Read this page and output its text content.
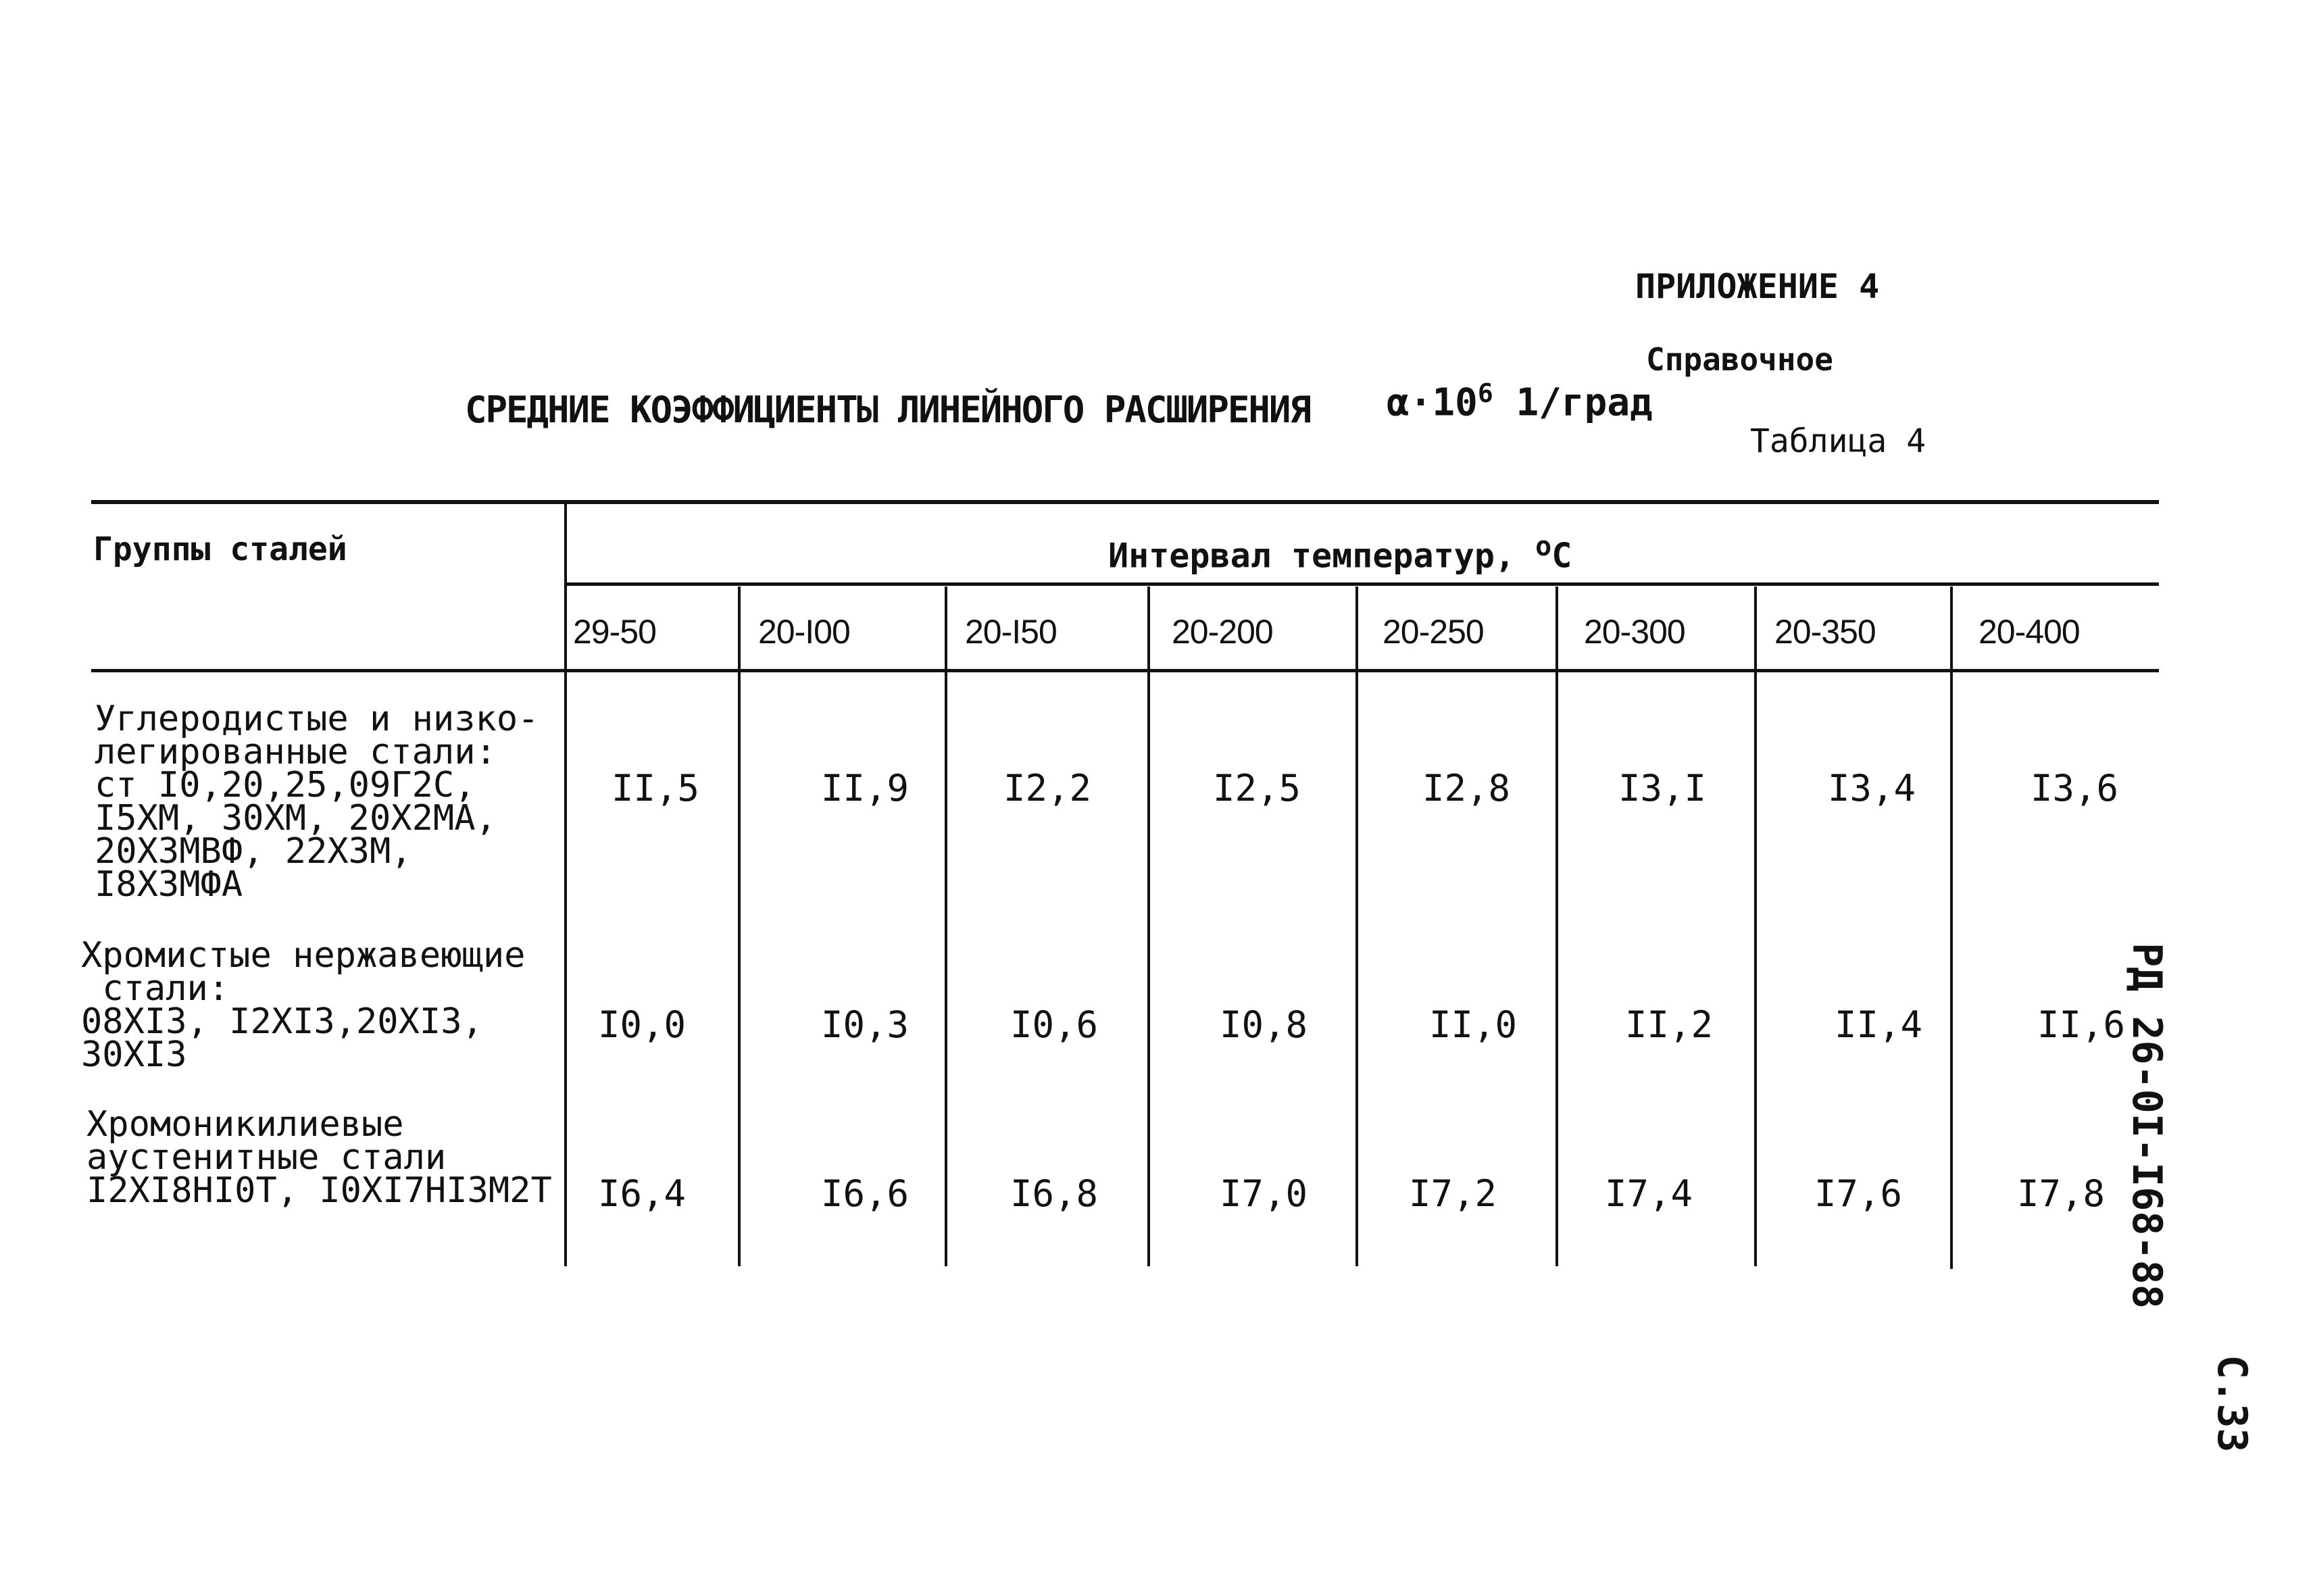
ПРИЛОЖЕНИЕ 4
Справочное
СРЕДНИЕ КОЭФФИЦИЕНТЫ ЛИНЕЙНОГО РАСШИРЕНИЯ $\alpha\cdot 10^6$ 1/град
Таблица 4
Группы сталей	Интервал температур, $^o$C
29-50	20-I00	20-I50	20-200	20-250	20-300	20-350	20-400
Углеродистые и низко-
легированные стали:
ст I0,20,25,09Г2С,
I5ХМ, 30ХМ, 20Х2МА,
20Х3МВФ, 22Х3М,
I8Х3МФА
II,5	II,9	I2,2	I2,5	I2,8	I3,I	I3,4	I3,6
Хромистые нержавеющие
стали:
08ХI3, I2ХI3,20ХI3,
30ХI3
I0,0	I0,3	I0,6	I0,8	II,0	II,2	II,4	II,6
Хромоникилиевые
аустенитные стали
I2ХI8НI0Т, I0ХI7НI3М2Т	I6,4	I6,6	I6,8	I7,0	I7,2	I7,4	I7,6	I7,8 РД 26-0I-I68-88
С.33
